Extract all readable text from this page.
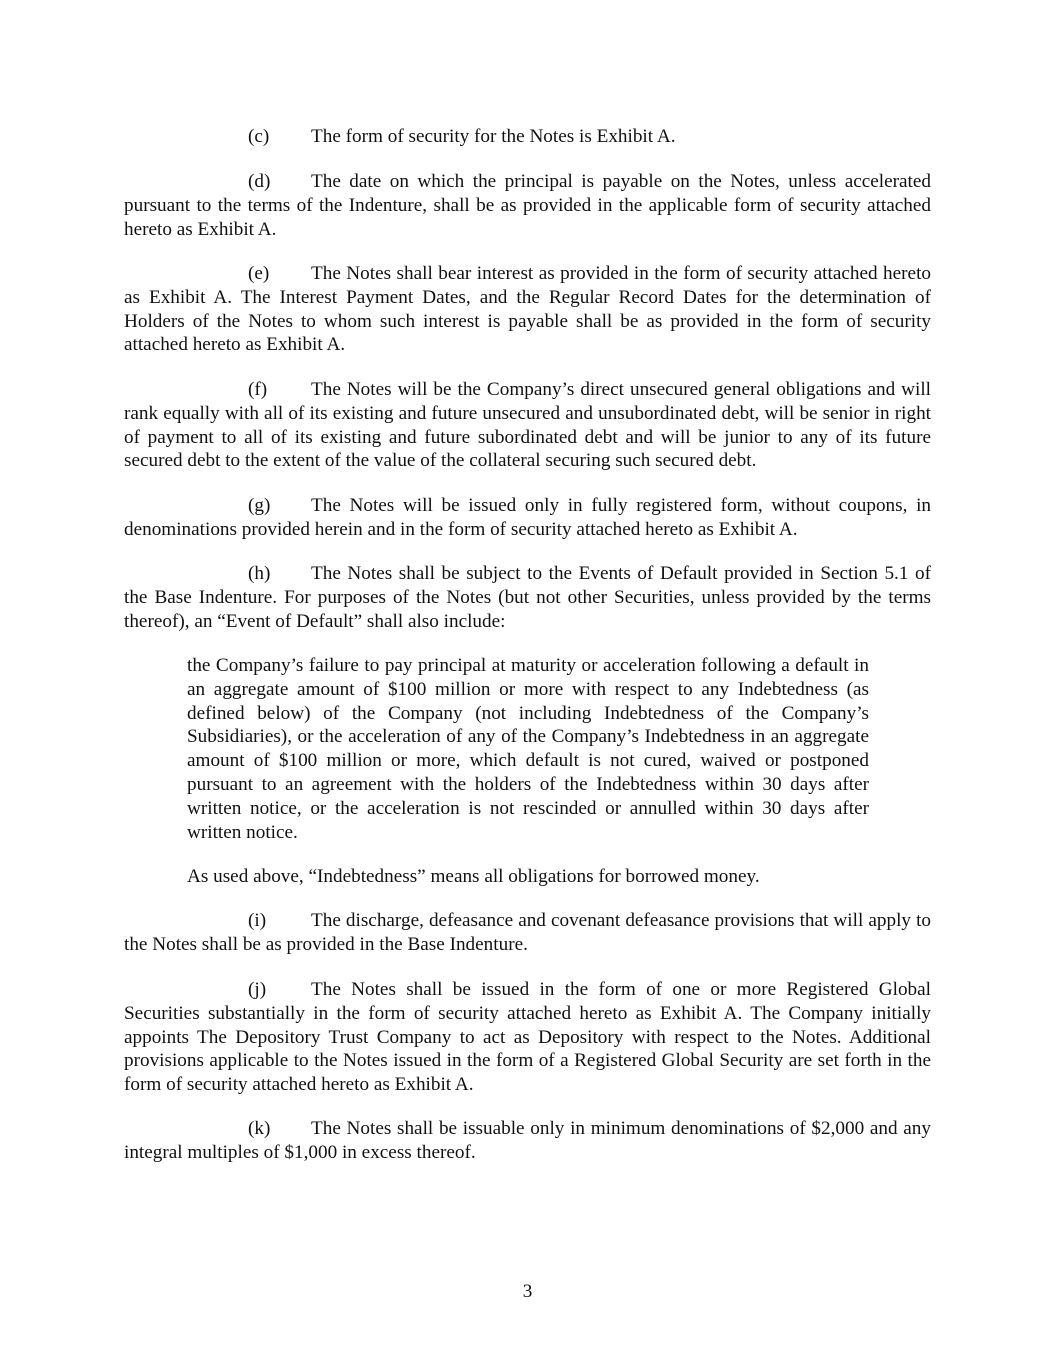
(c) The form of security for the Notes is Exhibit A.

(d) The date on which the principal is payable on the Notes, unless accelerated pursuant to the terms of the Indenture, shall be as provided in the applicable form of security attached hereto as Exhibit A.

(e) The Notes shall bear interest as provided in the form of security attached hereto as Exhibit A. The Interest Payment Dates, and the Regular Record Dates for the determination of Holders of the Notes to whom such interest is payable shall be as provided in the form of security attached hereto as Exhibit A.

(f) The Notes will be the Company’s direct unsecured general obligations and will rank equally with all of its existing and future unsecured and unsubordinated debt, will be senior in right of payment to all of its existing and future subordinated debt and will be junior to any of its future secured debt to the extent of the value of the collateral securing such secured debt.

(g) The Notes will be issued only in fully registered form, without coupons, in denominations provided herein and in the form of security attached hereto as Exhibit A.

(h) The Notes shall be subject to the Events of Default provided in Section 5.1 of the Base Indenture. For purposes of the Notes (but not other Securities, unless provided by the terms thereof), an “Event of Default” shall also include:

the Company’s failure to pay principal at maturity or acceleration following a default in an aggregate amount of $100 million or more with respect to any Indebtedness (as defined below) of the Company (not including Indebtedness of the Company’s Subsidiaries), or the acceleration of any of the Company’s Indebtedness in an aggregate amount of $100 million or more, which default is not cured, waived or postponed pursuant to an agreement with the holders of the Indebtedness within 30 days after written notice, or the acceleration is not rescinded or annulled within 30 days after written notice.

As used above, “Indebtedness” means all obligations for borrowed money.

(i) The discharge, defeasance and covenant defeasance provisions that will apply to the Notes shall be as provided in the Base Indenture.

(j) The Notes shall be issued in the form of one or more Registered Global Securities substantially in the form of security attached hereto as Exhibit A. The Company initially appoints The Depository Trust Company to act as Depository with respect to the Notes. Additional provisions applicable to the Notes issued in the form of a Registered Global Security are set forth in the form of security attached hereto as Exhibit A.

(k) The Notes shall be issuable only in minimum denominations of $2,000 and any integral multiples of $1,000 in excess thereof.

3
